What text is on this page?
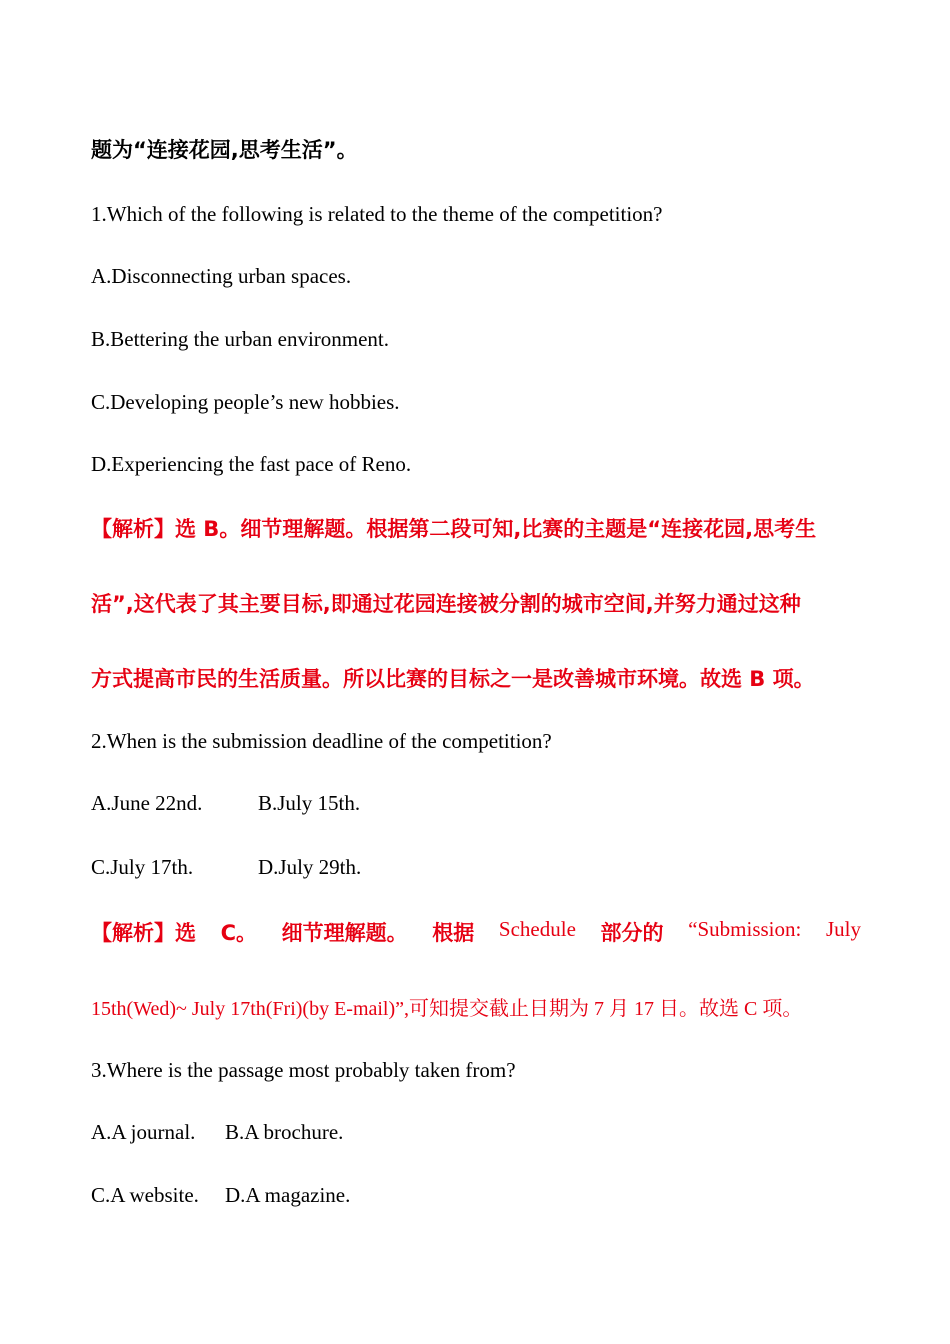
题为“连接花园,思考生活”。
1.Which of the following is related to the theme of the competition?
A.Disconnecting urban spaces.
B.Bettering the urban environment.
C.Developing people’s new hobbies.
D.Experiencing the fast pace of Reno.
【解析】选 B。细节理解题。根据第二段可知,比赛的主题是“连接花园,思考生
活”,这代表了其主要目标,即通过花园连接被分割的城市空间,并努力通过这种
方式提高市民的生活质量。所以比赛的目标之一是改善城市环境。故选 B 项。
2.When is the submission deadline of the competition?
A.June 22nd.	B.July 15th.
C.July 17th.	D.July 29th.
【解析】选 C。 细节理解题。 根据 Schedule 部分的 “Submission: July
15th(Wed)~ July 17th(Fri)(by E-mail)”,可知提交截止日期为 7 月 17 日。故选 C 项。
3.Where is the passage most probably taken from?
A.A journal. B.A brochure.
C.A website. D.A magazine.
